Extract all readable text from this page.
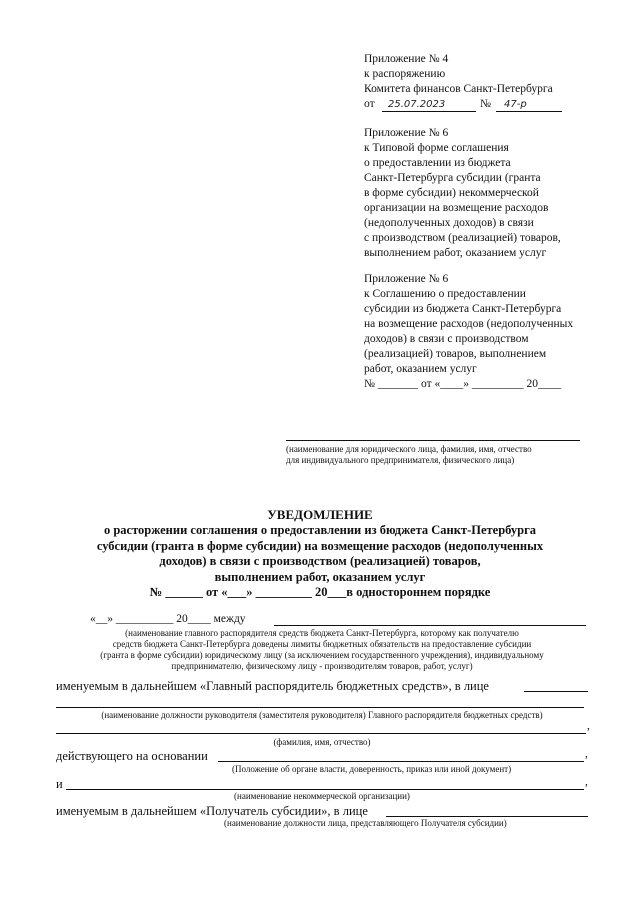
Приложение № 4
к распоряжению
Комитета финансов Санкт-Петербурга
от 25.07.2023	№ 47-р
Приложение № 6
к Типовой форме соглашения
о предоставлении из бюджета
Санкт-Петербурга субсидии (гранта
в форме субсидии) некоммерческой
организации на возмещение расходов
(недополученных доходов) в связи
с производством (реализацией) товаров,
выполнением работ, оказанием услуг
Приложение № 6
к Соглашению о предоставлении
субсидии из бюджета Санкт-Петербурга
на возмещение расходов (недополученных
доходов) в связи с производством
(реализацией) товаров, выполнением
работ, оказанием услуг
№ _______ от «____» _________ 20____
(наименование для юридического лица, фамилия, имя, отчество
для индивидуального предпринимателя, физического лица)
УВЕДОМЛЕНИЕ
о расторжении соглашения о предоставлении из бюджета Санкт-Петербурга
субсидии (гранта в форме субсидии) на возмещение расходов (недополученных
доходов) в связи с производством (реализацией) товаров,
выполнением работ, оказанием услуг
№ ______ от «___» _________ 20___в одностороннем порядке
«__» __________ 20____ между
(наименование главного распорядителя средств бюджета Санкт-Петербурга, которому как получателю
средств бюджета Санкт-Петербурга доведены лимиты бюджетных обязательств на предоставление субсидии
(гранта в форме субсидии) юридическому лицу (за исключением государственного учреждения), индивидуальному
предпринимателю, физическому лицу - производителям товаров, работ, услуг)
именуемым в дальнейшем «Главный распорядитель бюджетных средств», в лице
(наименование должности руководителя (заместителя руководителя) Главного распорядителя бюджетных средств)
,
(фамилия, имя, отчество)
действующего на основании	,
(Положение об органе власти, доверенность, приказ или иной документ)
и	,
(наименование некоммерческой организации)
именуемым в дальнейшем «Получатель субсидии», в лице
(наименование должности лица, представляющего Получателя субсидии)
